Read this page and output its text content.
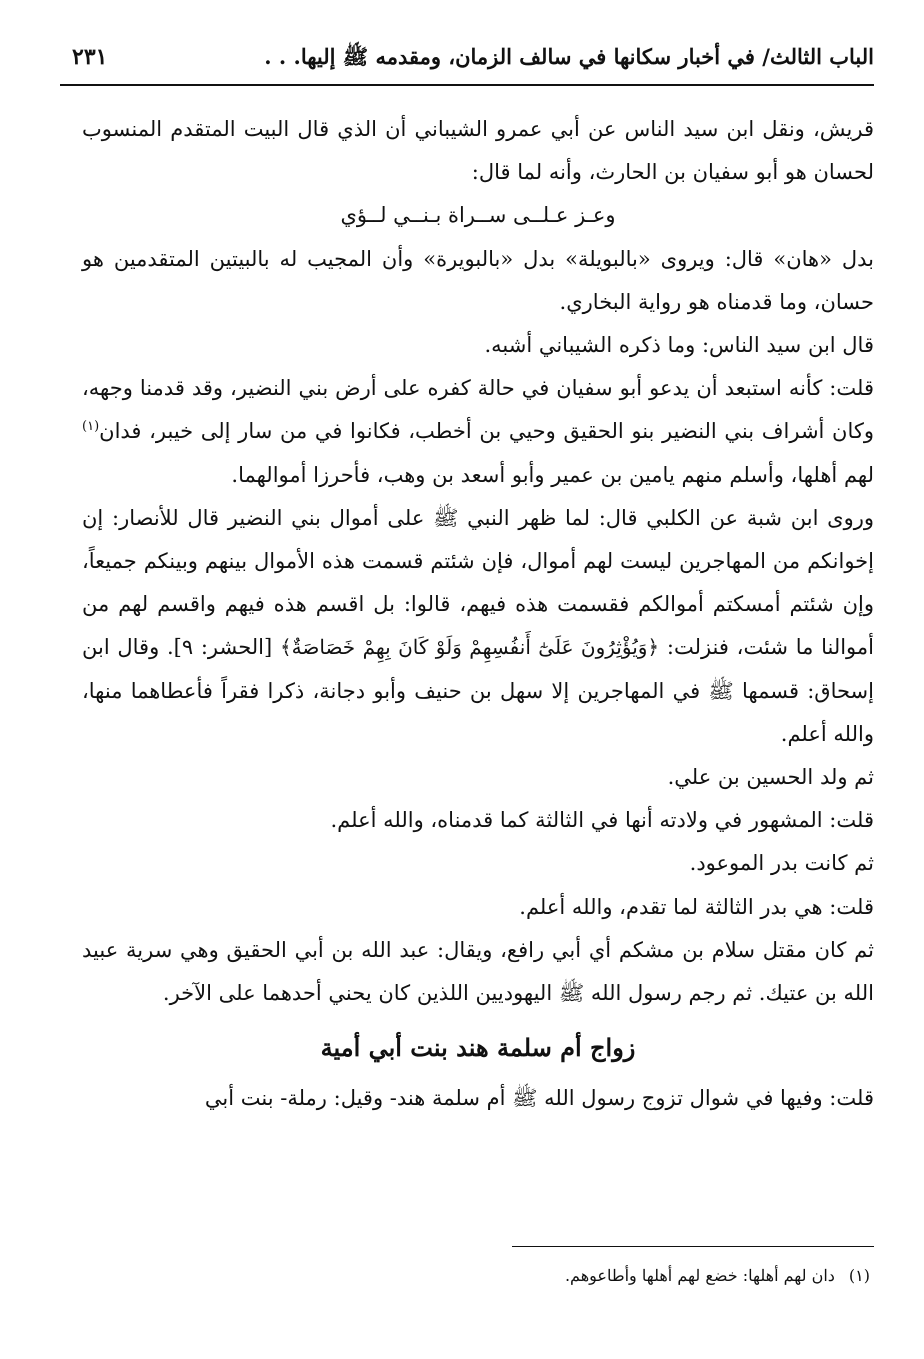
الباب الثالث/ في أخبار سكانها في سالف الزمان، ومقدمه ﷺ إليها. . .
٢٣١

قريش، ونقل ابن سيد الناس عن أبي عمرو الشيباني أن الذي قال البيت المتقدم المنسوب لحسان هو أبو سفيان بن الحارث، وأنه لما قال:

وعـز عـلــى ســراة بـنــي لــؤي

بدل «هان» قال: ويروى «بالبويلة» بدل «بالبويرة» وأن المجيب له بالبيتين المتقدمين هو حسان، وما قدمناه هو رواية البخاري.

قال ابن سيد الناس: وما ذكره الشيباني أشبه.

قلت: كأنه استبعد أن يدعو أبو سفيان في حالة كفره على أرض بني النضير، وقد قدمنا وجهه، وكان أشراف بني النضير بنو الحقيق وحيي بن أخطب، فكانوا في من سار إلى خيبر، فدان$^{(١)}$ لهم أهلها، وأسلم منهم يامين بن عمير وأبو أسعد بن وهب، فأحرزا أموالهما.

وروى ابن شبة عن الكلبي قال: لما ظهر النبي ﷺ على أموال بني النضير قال للأنصار: إن إخوانكم من المهاجرين ليست لهم أموال، فإن شئتم قسمت هذه الأموال بينهم وبينكم جميعاً، وإن شئتم أمسكتم أموالكم فقسمت هذه فيهم، قالوا: بل اقسم هذه فيهم واقسم لهم من أموالنا ما شئت، فنزلت: ﴿وَيُؤْثِرُونَ عَلَىٰٓ أَنفُسِهِمْ وَلَوْ كَانَ بِهِمْ خَصَاصَةٌ﴾ [الحشر: ٩]. وقال ابن إسحاق: قسمها ﷺ في المهاجرين إلا سهل بن حنيف وأبو دجانة، ذكرا فقراً فأعطاهما منها، والله أعلم.

ثم ولد الحسين بن علي.

قلت: المشهور في ولادته أنها في الثالثة كما قدمناه، والله أعلم.

ثم كانت بدر الموعود.

قلت: هي بدر الثالثة لما تقدم، والله أعلم.

ثم كان مقتل سلام بن مشكم أي أبي رافع، ويقال: عبد الله بن أبي الحقيق وهي سرية عبيد الله بن عتيك. ثم رجم رسول الله ﷺ اليهوديين اللذين كان يحني أحدهما على الآخر.

زواج أم سلمة هند بنت أبي أمية

قلت: وفيها في شوال تزوج رسول الله ﷺ أم سلمة هند- وقيل: رملة- بنت أبي

(١)دان لهم أهلها: خضع لهم أهلها وأطاعوهم.
